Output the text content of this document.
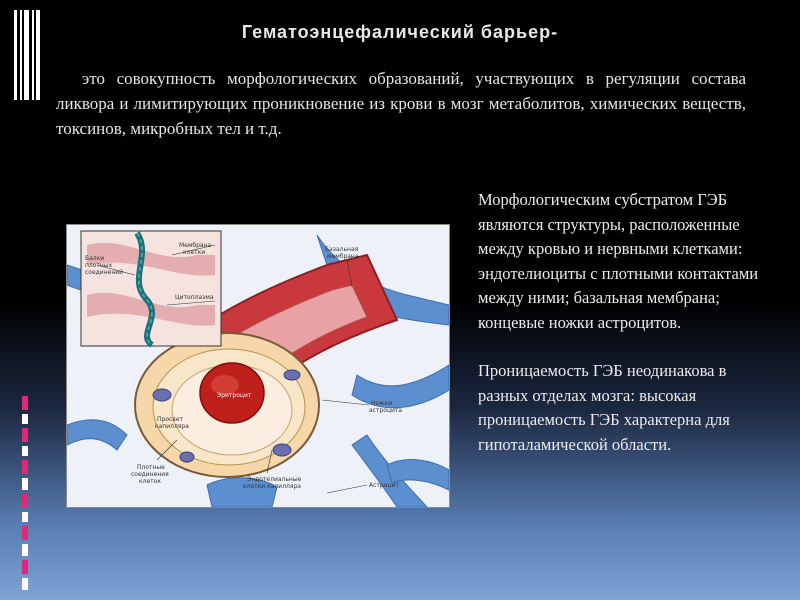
Гематоэнцефалический барьер-

это совокупность морфологических образований, участвующих в регуляции состава ликвора и лимитирующих проникновение из крови в мозг метаболитов, химических веществ, токсинов, микробных тел и т.д.

Морфологическим субстратом ГЭБ являются структуры, расположенные между кровью и нервными клетками: эндотелиоциты с плотными контактами между ними; базальная мембрана; концевые ножки астроцитов.

Проницаемость ГЭБ неодинакова в разных отделах мозга: высокая проницаемость ГЭБ характерна для гипоталамической области.

Мембрана
клетки
Балки
плотных
соединений
Цитоплазма
Базальная
мембрана
Эритроцит
Просвет
капилляра
Ножки
астроцита
Плотные
соединения
клеток	Эндотелиальные
клетки капилляра	Астроцит
